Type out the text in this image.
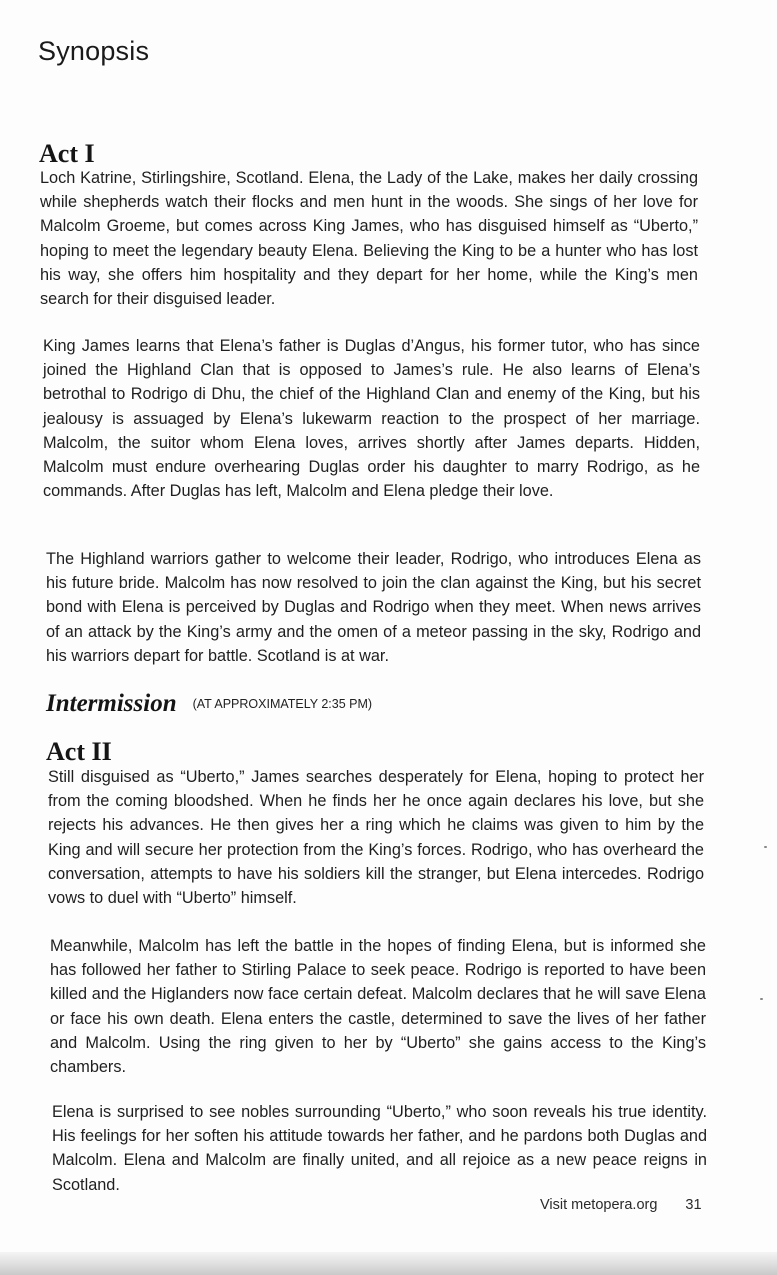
Synopsis
Act I

Loch Katrine, Stirlingshire, Scotland. Elena, the Lady of the Lake, makes her daily crossing while shepherds watch their flocks and men hunt in the woods. She sings of her love for Malcolm Groeme, but comes across King James, who has disguised himself as “Uberto,” hoping to meet the legendary beauty Elena. Believing the King to be a hunter who has lost his way, she offers him hospitality and they depart for her home, while the King’s men search for their disguised leader.

King James learns that Elena’s father is Duglas d’Angus, his former tutor, who has since joined the Highland Clan that is opposed to James’s rule. He also learns of Elena’s betrothal to Rodrigo di Dhu, the chief of the Highland Clan and enemy of the King, but his jealousy is assuaged by Elena’s lukewarm reaction to the prospect of her marriage. Malcolm, the suitor whom Elena loves, arrives shortly after James departs. Hidden, Malcolm must endure overhearing Duglas order his daughter to marry Rodrigo, as he commands. After Duglas has left, Malcolm and Elena pledge their love.

The Highland warriors gather to welcome their leader, Rodrigo, who introduces Elena as his future bride. Malcolm has now resolved to join the clan against the King, but his secret bond with Elena is perceived by Duglas and Rodrigo when they meet. When news arrives of an attack by the King’s army and the omen of a meteor passing in the sky, Rodrigo and his warriors depart for battle. Scotland is at war.

Intermission (AT APPROXIMATELY 2:35 PM)
Act II

Still disguised as “Uberto,” James searches desperately for Elena, hoping to protect her from the coming bloodshed. When he finds her he once again declares his love, but she rejects his advances. He then gives her a ring which he claims was given to him by the King and will secure her protection from the King’s forces. Rodrigo, who has overheard the conversation, attempts to have his soldiers kill the stranger, but Elena intercedes. Rodrigo vows to duel with “Uberto” himself.

Meanwhile, Malcolm has left the battle in the hopes of finding Elena, but is informed she has followed her father to Stirling Palace to seek peace. Rodrigo is reported to have been killed and the Higlanders now face certain defeat. Malcolm declares that he will save Elena or face his own death. Elena enters the castle, determined to save the lives of her father and Malcolm. Using the ring given to her by “Uberto” she gains access to the King’s chambers.

Elena is surprised to see nobles surrounding “Uberto,” who soon reveals his true identity. His feelings for her soften his attitude towards her father, and he pardons both Duglas and Malcolm. Elena and Malcolm are finally united, and all rejoice as a new peace reigns in Scotland.

Visit metopera.org 31
